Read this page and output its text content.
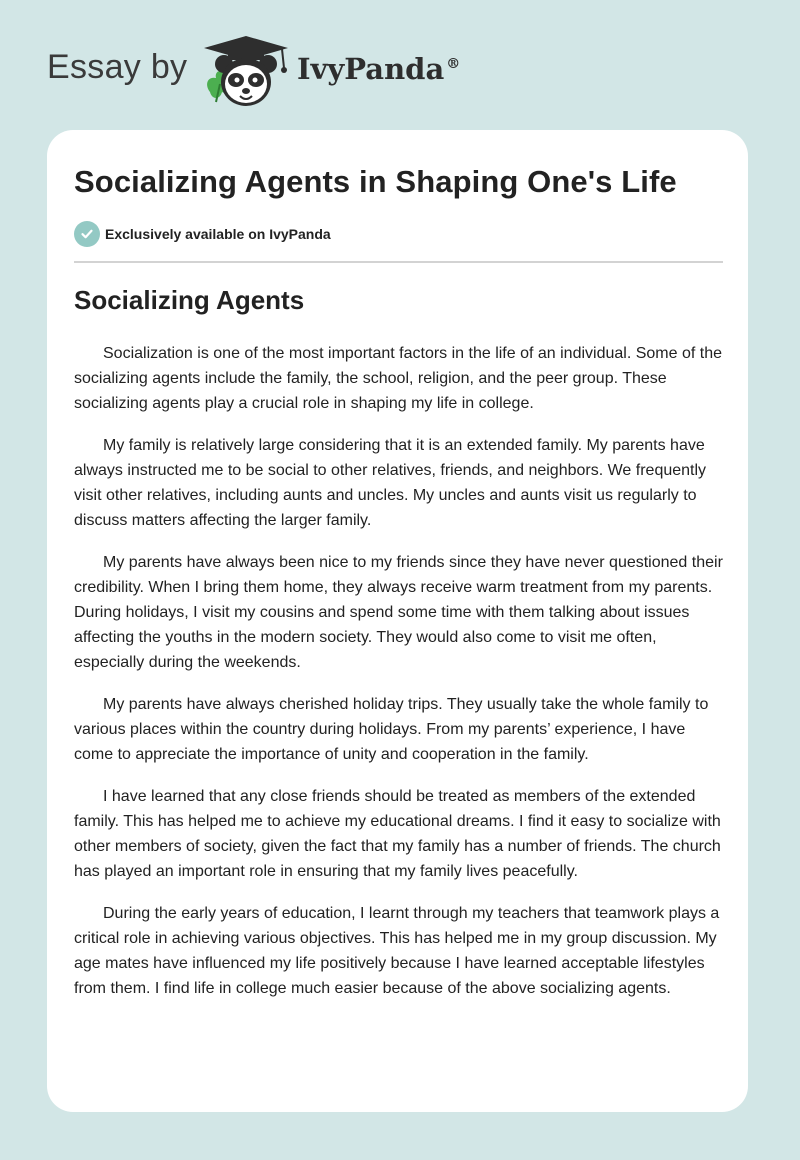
Essay by	IvyPanda ®
Socializing Agents in Shaping One's Life
Exclusively available on IvyPanda
Socializing Agents

Socialization is one of the most important factors in the life of an individual. Some of the socializing agents include the family, the school, religion, and the peer group. These socializing agents play a crucial role in shaping my life in college.

My family is relatively large considering that it is an extended family. My parents have always instructed me to be social to other relatives, friends, and neighbors. We frequently visit other relatives, including aunts and uncles. My uncles and aunts visit us regularly to discuss matters affecting the larger family.

My parents have always been nice to my friends since they have never questioned their credibility. When I bring them home, they always receive warm treatment from my parents. During holidays, I visit my cousins and spend some time with them talking about issues affecting the youths in the modern society. They would also come to visit me often, especially during the weekends.

My parents have always cherished holiday trips. They usually take the whole family to various places within the country during holidays. From my parents’ experience, I have come to appreciate the importance of unity and cooperation in the family.

I have learned that any close friends should be treated as members of the extended family. This has helped me to achieve my educational dreams. I find it easy to socialize with other members of society, given the fact that my family has a number of friends. The church has played an important role in ensuring that my family lives peacefully.

During the early years of education, I learnt through my teachers that teamwork plays a critical role in achieving various objectives. This has helped me in my group discussion. My age mates have influenced my life positively because I have learned acceptable lifestyles from them. I find life in college much easier because of the above socializing agents.
